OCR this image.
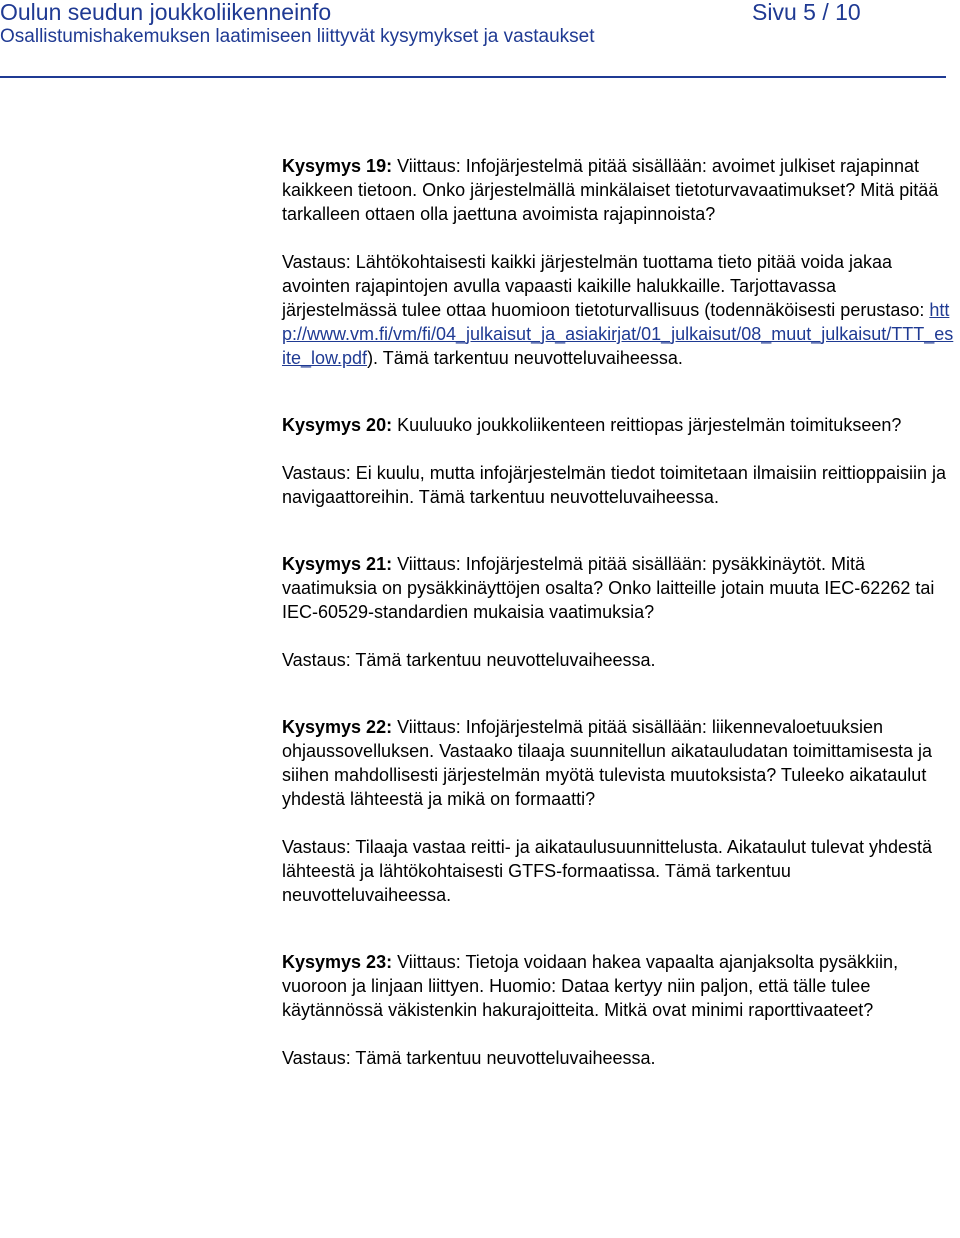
Oulun seudun joukkoliikenneinfo	Sivu 5 / 10
Osallistumishakemuksen laatimiseen liittyvät kysymykset ja vastaukset

Kysymys 19: Viittaus: Infojärjestelmä pitää sisällään: avoimet julkiset rajapinnat kaikkeen tietoon. Onko järjestelmällä minkälaiset tietoturvavaatimukset? Mitä pitää tarkalleen ottaen olla jaettuna avoimista rajapinnoista?

Vastaus: Lähtökohtaisesti kaikki järjestelmän tuottama tieto pitää voida jakaa avointen rajapintojen avulla vapaasti kaikille halukkaille. Tarjottavassa järjestelmässä tulee ottaa huomioon tietoturvallisuus (todennäköisesti perustaso: http://www.vm.fi/vm/fi/04_julkaisut_ja_asiakirjat/01_julkaisut/08_muut_julkaisut/TTT_esite_low.pdf). Tämä tarkentuu neuvotteluvaiheessa.

Kysymys 20: Kuuluuko joukkoliikenteen reittiopas järjestelmän toimitukseen?

Vastaus: Ei kuulu, mutta infojärjestelmän tiedot toimitetaan ilmaisiin reittioppaisiin ja navigaattoreihin. Tämä tarkentuu neuvotteluvaiheessa.

Kysymys 21: Viittaus: Infojärjestelmä pitää sisällään: pysäkkinäytöt. Mitä vaatimuksia on pysäkkinäyttöjen osalta? Onko laitteille jotain muuta IEC-62262 tai IEC-60529-standardien mukaisia vaatimuksia?

Vastaus: Tämä tarkentuu neuvotteluvaiheessa.

Kysymys 22: Viittaus: Infojärjestelmä pitää sisällään: liikennevaloetuuksien ohjaussovelluksen. Vastaako tilaaja suunnitellun aikatauludatan toimittamisesta ja siihen mahdollisesti järjestelmän myötä tulevista muutoksista? Tuleeko aikataulut yhdestä lähteestä ja mikä on formaatti?

Vastaus: Tilaaja vastaa reitti- ja aikataulusuunnittelusta. Aikataulut tulevat yhdestä lähteestä ja lähtökohtaisesti GTFS-formaatissa. Tämä tarkentuu neuvotteluvaiheessa.

Kysymys 23: Viittaus: Tietoja voidaan hakea vapaalta ajanjaksolta pysäkkiin, vuoroon ja linjaan liittyen. Huomio: Dataa kertyy niin paljon, että tälle tulee käytännössä väkistenkin hakurajoitteita. Mitkä ovat minimi raporttivaateet?

Vastaus: Tämä tarkentuu neuvotteluvaiheessa.
